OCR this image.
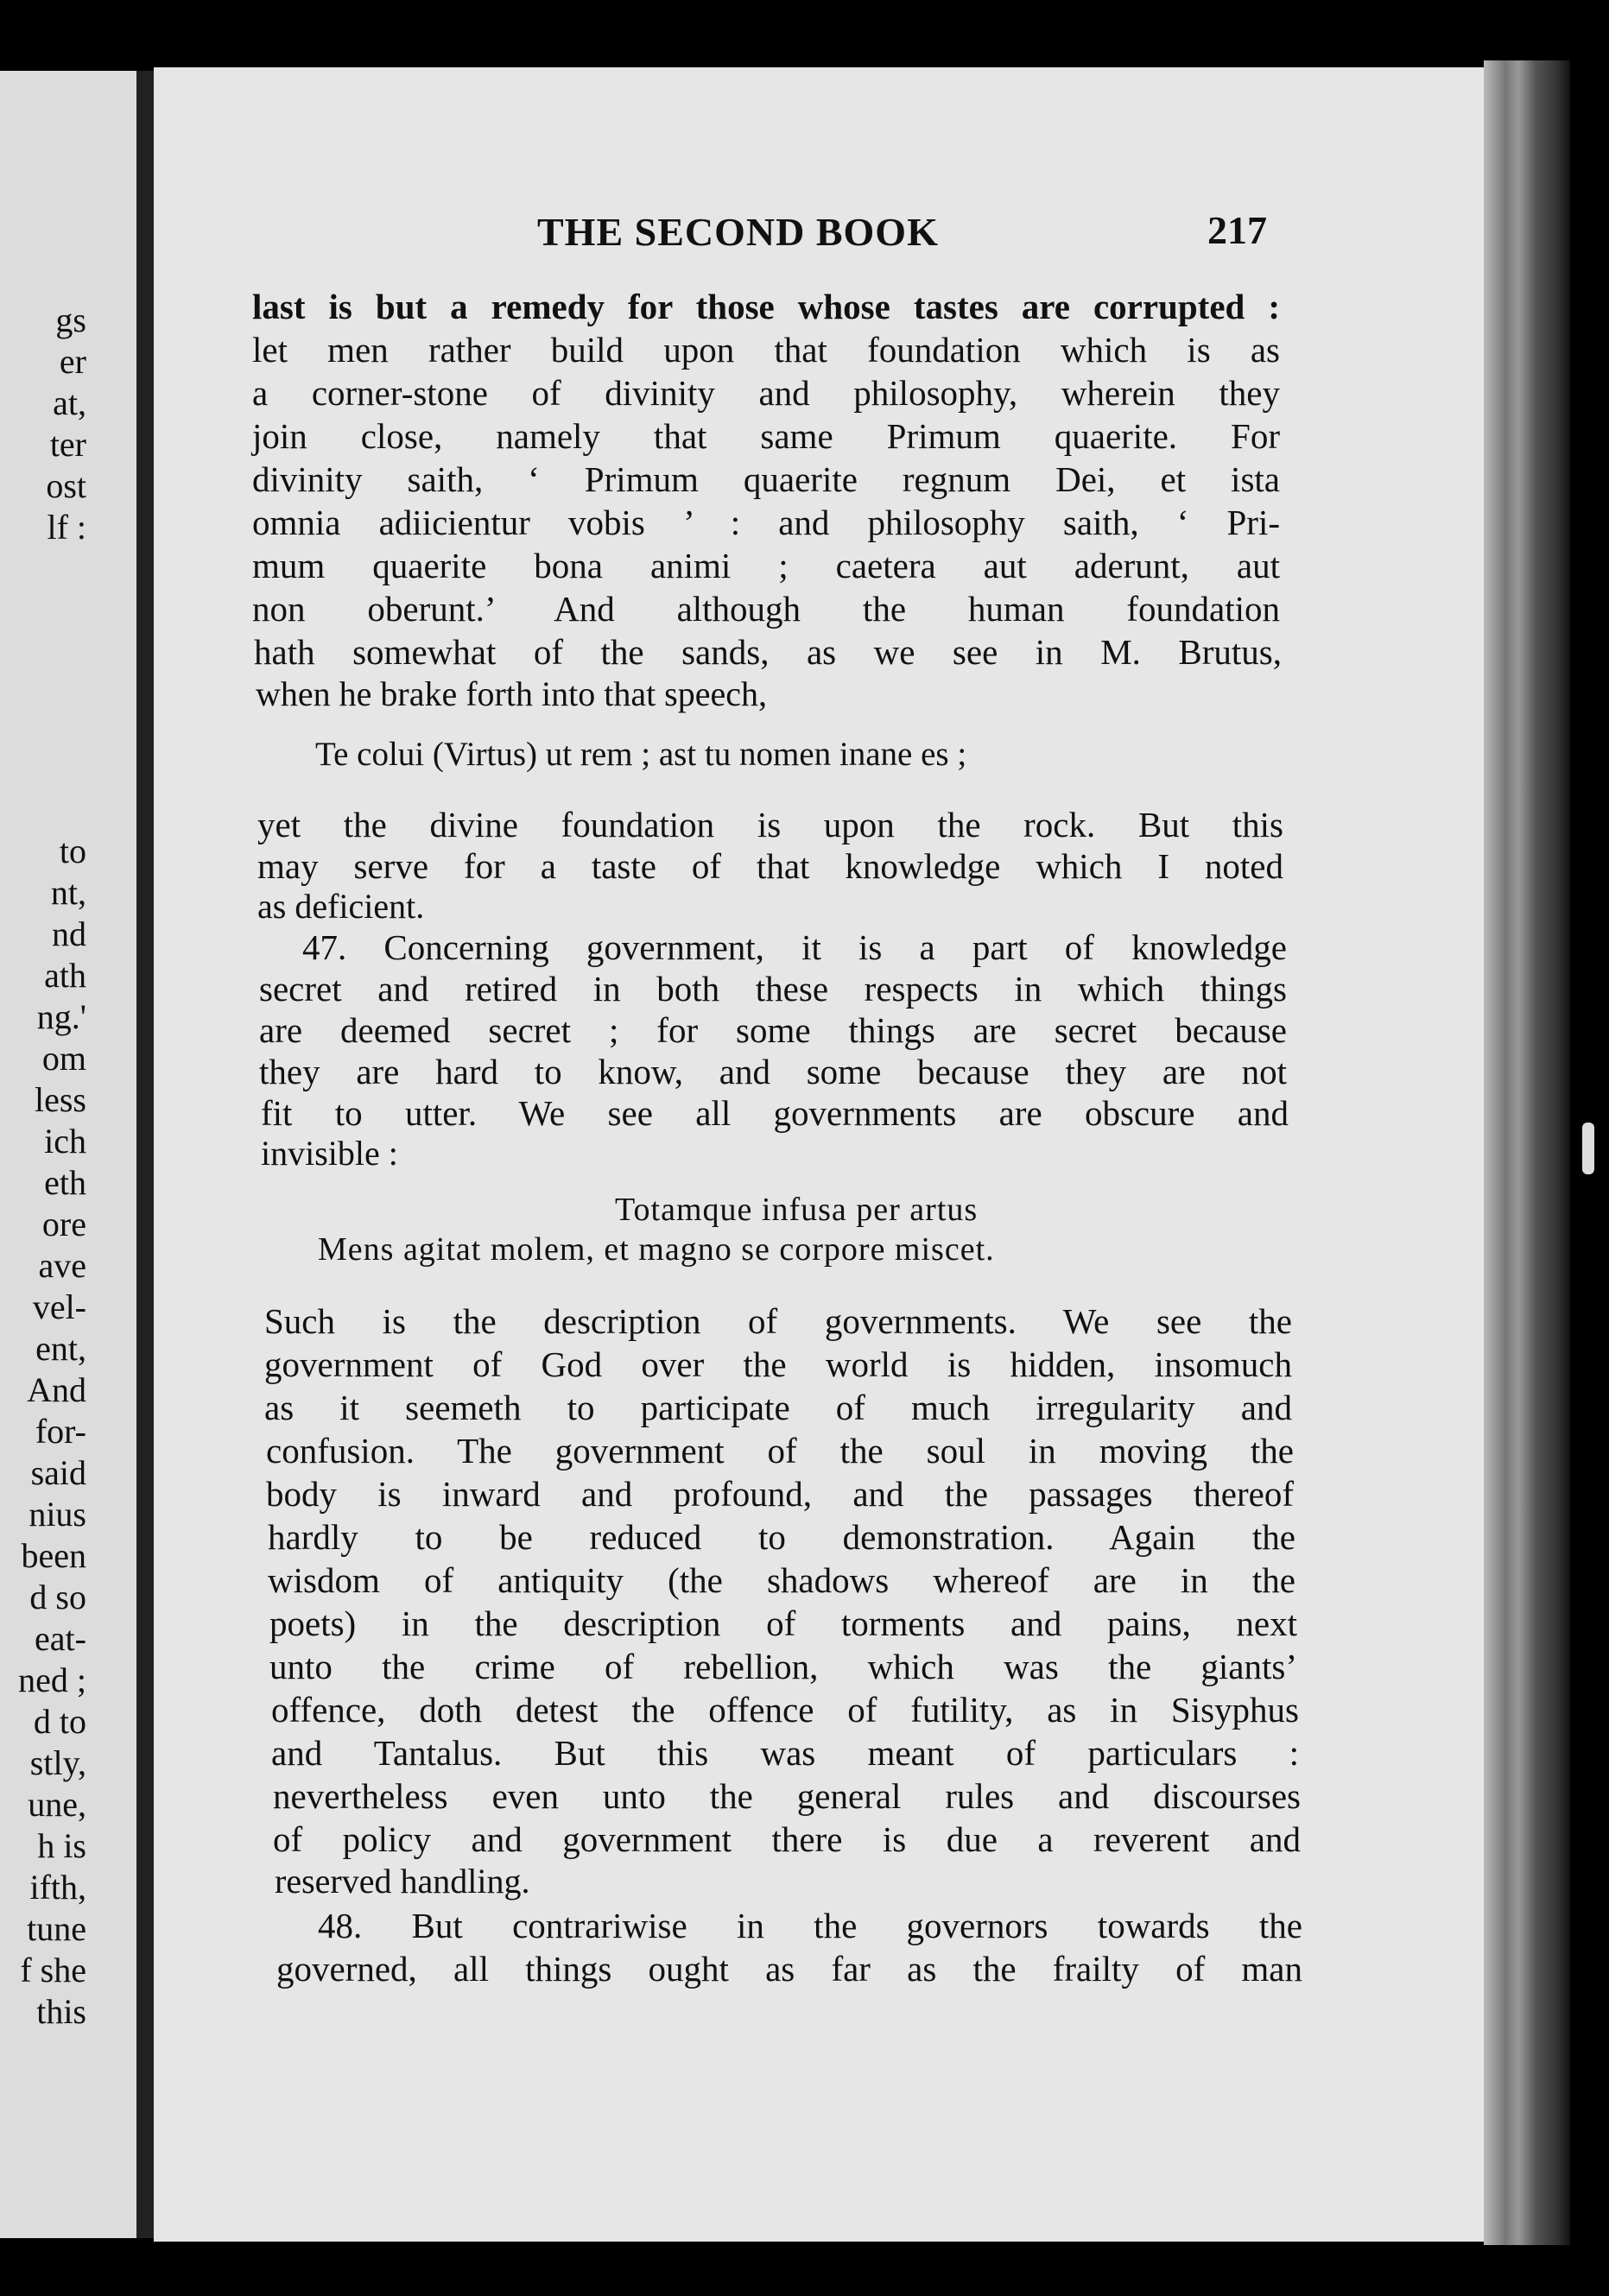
gs
er
at,
ter
ost
lf :
to
nt,
nd
ath
ng.'
om
less
ich
eth
ore
ave
vel-
ent,
And
for-
said
nius
been
d so
eat-
ned ;
d to
stly,
une,
h is
ifth,
tune
f she
this
THE SECOND BOOK	217
last is but a remedy for those whose tastes are corrupted :
let men rather build upon that foundation which is as
a corner-stone of divinity and philosophy, wherein they
join close, namely that same Primum quaerite. For
divinity saith, ‘ Primum quaerite regnum Dei, et ista
omnia adiicientur vobis ’ : and philosophy saith, ‘ Pri-
mum quaerite bona animi ; caetera aut aderunt, aut
non oberunt.’ And although the human foundation
hath somewhat of the sands, as we see in M. Brutus,
when he brake forth into that speech,
Te colui (Virtus) ut rem ; ast tu nomen inane es ;
yet the divine foundation is upon the rock. But this
may serve for a taste of that knowledge which I noted
as deficient.
47. Concerning government, it is a part of knowledge
secret and retired in both these respects in which things
are deemed secret ; for some things are secret because
they are hard to know, and some because they are not
fit to utter. We see all governments are obscure and
invisible :
Totamque infusa per artus
Mens agitat molem, et magno se corpore miscet.
Such is the description of governments. We see the
government of God over the world is hidden, insomuch
as it seemeth to participate of much irregularity and
confusion. The government of the soul in moving the
body is inward and profound, and the passages thereof
hardly to be reduced to demonstration. Again the
wisdom of antiquity (the shadows whereof are in the
poets) in the description of torments and pains, next
unto the crime of rebellion, which was the giants’
offence, doth detest the offence of futility, as in Sisyphus
and Tantalus. But this was meant of particulars :
nevertheless even unto the general rules and discourses
of policy and government there is due a reverent and
reserved handling.
48. But contrariwise in the governors towards the
governed, all things ought as far as the frailty of man
